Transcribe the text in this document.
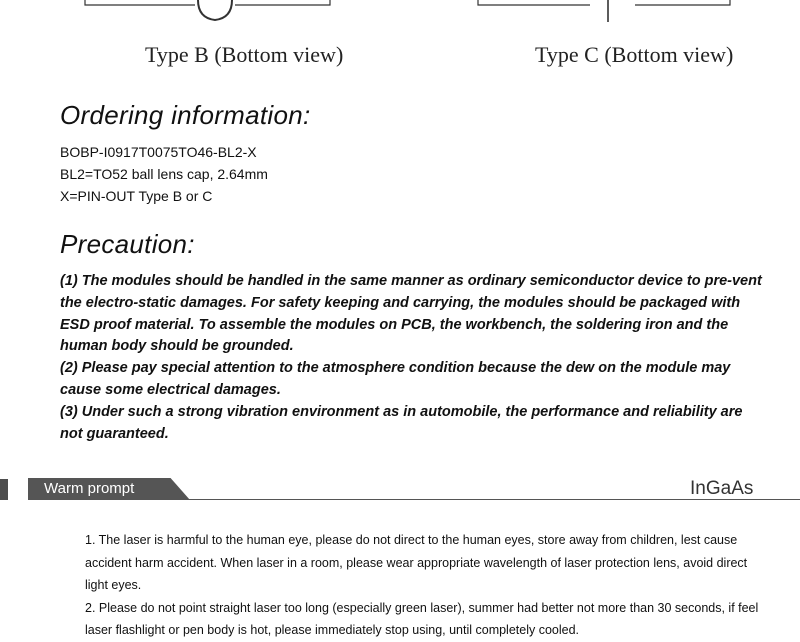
Type B (Bottom view)	Type C (Bottom view)
Ordering information:
BOBP-I0917T0075TO46-BL2-X
BL2=TO52 ball lens cap, 2.64mm
X=PIN-OUT Type B or C
Precaution:

(1) The modules should be handled in the same manner as ordinary semiconductor device to pre-vent the electro-static damages. For safety keeping and carrying, the modules should be packaged with ESD proof material. To assemble the modules on PCB, the workbench, the soldering iron and the human body should be grounded.

(2) Please pay special attention to the atmosphere condition because the dew on the module may cause some electrical damages.

(3) Under such a strong vibration environment as in automobile, the performance and reliability are not guaranteed.

Warm prompt	InGaAs

1. The laser is harmful to the human eye, please do not direct to the human eyes, store away from children, lest cause accident harm accident. When laser in a room, please wear appropriate wavelength of laser protection lens, avoid direct light eyes.

2. Please do not point straight laser too long (especially green laser), summer had better not more than 30 seconds, if feel laser flashlight or pen body is hot, please immediately stop using, until completely cooled.
